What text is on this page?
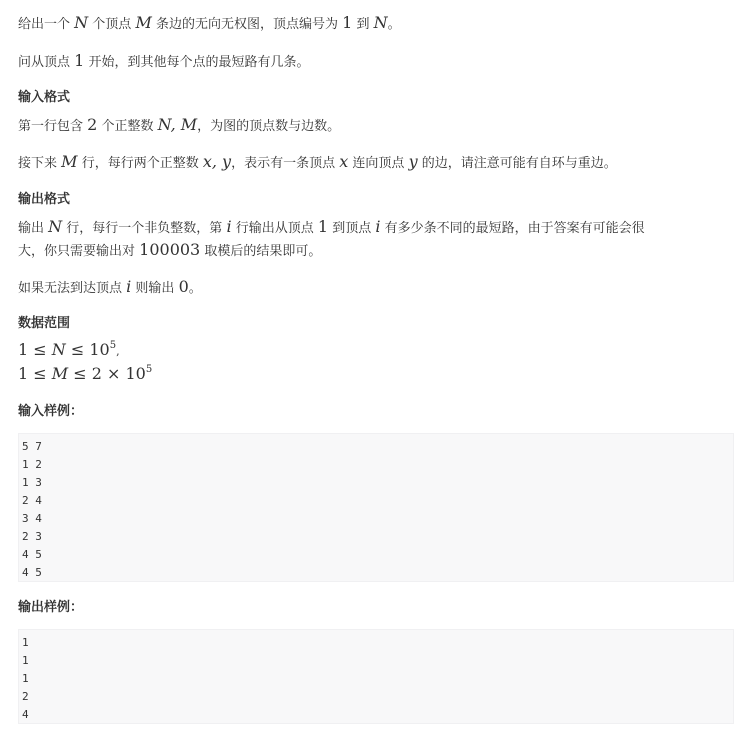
给出一个 N 个顶点 M 条边的无向无权图，顶点编号为 1 到 N。
问从顶点 1 开始，到其他每个点的最短路有几条。
输入格式
第一行包含 2 个正整数 N, M，为图的顶点数与边数。
接下来 M 行，每行两个正整数 x, y，表示有一条顶点 x 连向顶点 y 的边，请注意可能有自环与重边。
输出格式
输出 N 行，每行一个非负整数，第 i 行输出从顶点 1 到顶点 i 有多少条不同的最短路，由于答案有可能会很
大，你只需要输出对 100003 取模后的结果即可。
如果无法到达顶点 i 则输出 0。
数据范围
$1 \le N \le 10^5$,
$1 \le M \le 2 \times 10^5$
输入样例：
5 7
1 2
1 3
2 4
3 4
2 3
4 5
4 5
输出样例：
1
1
1
2
4
